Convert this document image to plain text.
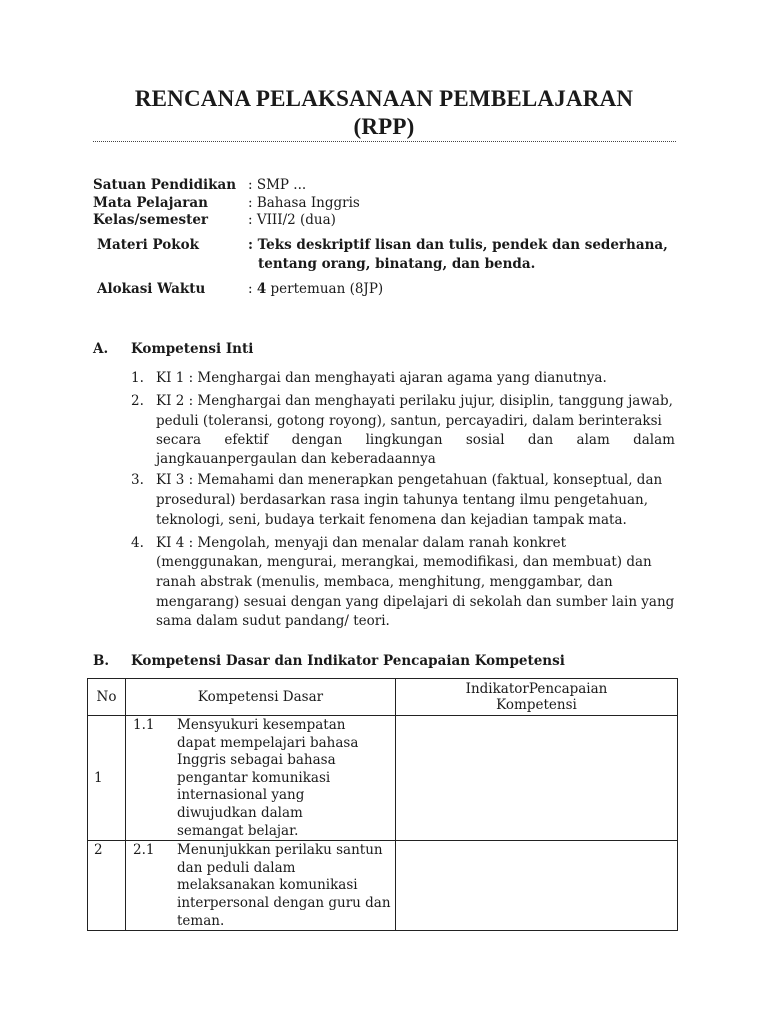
RENCANA PELAKSANAAN PEMBELAJARAN
(RPP)
Satuan Pendidikan : SMP ...
Mata Pelajaran	: Bahasa Inggris
Kelas/semester	: VIII/2 (dua)
Materi Pokok	: Teks deskriptif lisan dan tulis, pendek dan sederhana,
tentang orang, binatang, dan benda.
Alokasi Waktu	: 4 pertemuan (8JP)
A. Kompetensi Inti
1. KI 1 : Menghargai dan menghayati ajaran agama yang dianutnya.
2. KI 2 : Menghargai dan menghayati perilaku jujur, disiplin, tanggung jawab,
peduli (toleransi, gotong royong), santun, percayadiri, dalam berinteraksi
secara efektif dengan lingkungan sosial dan alam dalam
jangkauanpergaulan dan keberadaannya
3. KI 3 : Memahami dan menerapkan pengetahuan (faktual, konseptual, dan
prosedural) berdasarkan rasa ingin tahunya tentang ilmu pengetahuan,
teknologi, seni, budaya terkait fenomena dan kejadian tampak mata.
4. KI 4 : Mengolah, menyaji dan menalar dalam ranah konkret
(menggunakan, mengurai, merangkai, memodifikasi, dan membuat) dan
ranah abstrak (menulis, membaca, menghitung, menggambar, dan
mengarang) sesuai dengan yang dipelajari di sekolah dan sumber lain yang
sama dalam sudut pandang/ teori.
B. Kompetensi Dasar dan Indikator Pencapaian Kompetensi
No	Kompetensi Dasar	IndikatorPencapaian
Kompetensi
1	1.1 Mensyukuri kesempatan dapat mempelajari bahasa Inggris sebagai bahasa pengantar komunikasi internasional yang diwujudkan dalam semangat belajar.	

2	2.1 Menunjukkan perilaku santun dan peduli dalam melaksanakan komunikasi interpersonal dengan guru dan teman.	
